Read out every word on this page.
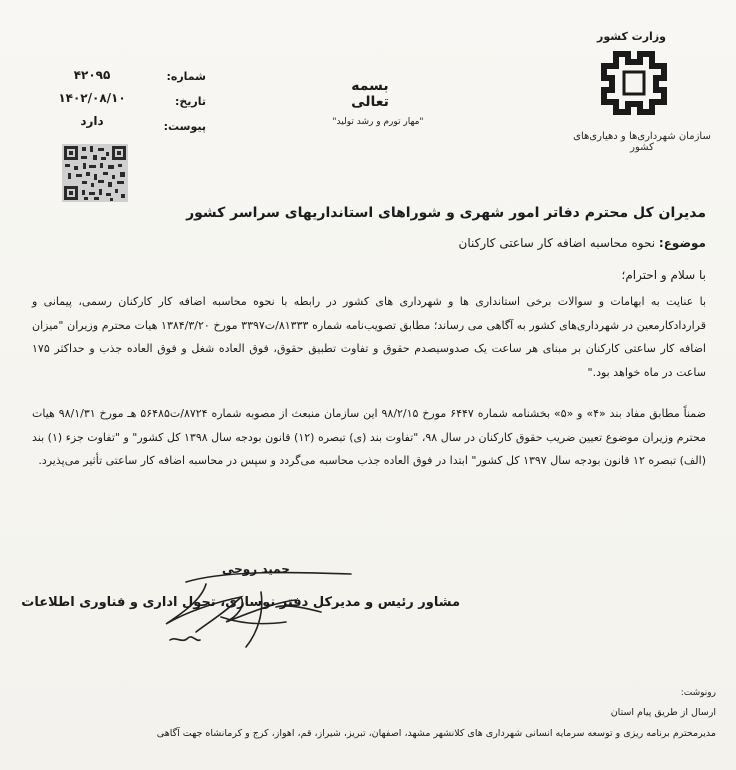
وزارت کشور
سازمان شهرداری‌ها و دهیاری‌های کشور
بسمه تعالی
"مهار تورم و رشد تولید"
شماره:
تاریخ:
پیوست:
۴۲۰۹۵
۱۴۰۲/۰۸/۱۰
دارد
مدیران کل محترم دفاتر امور شهری و شوراهای استانداریهای سراسر کشور
موضوع: نحوه محاسبه اضافه کار ساعتی کارکنان
با سلام و احترام؛
با عنایت به ابهامات و سوالات برخی استانداری ها و شهرداری های کشور در رابطه با نحوه محاسبه اضافه کار کارکنان رسمی، پیمانی و قراردادکارمعین در شهرداری‌های کشور به آگاهی می رساند؛ مطابق تصویب‌نامه شماره ۸۱۳۳۳/ت۳۳۹۷ مورخ ۱۳۸۴/۳/۲۰ هیات محترم وزیران "میزان اضافه کار ساعتی کارکنان بر مبنای هر ساعت یک صدوسیصدم حقوق و تفاوت تطبیق حقوق، فوق العاده شغل و فوق العاده جذب و حداکثر ۱۷۵ ساعت در ماه خواهد بود."
ضمناً مطابق مفاد بند «۴» و «۵» بخشنامه شماره ۶۴۴۷ مورخ ۹۸/۲/۱۵ این سازمان منبعث از مصوبه شماره ۸۷۲۴/ت۵۶۴۸۵ هـ مورخ ۹۸/۱/۳۱ هیات محترم وزیران موضوع تعیین ضریب حقوق کارکنان در سال ۹۸، "تفاوت بند (ی) تبصره (۱۲) قانون بودجه سال ۱۳۹۸ کل کشور" و "تفاوت جزء (۱) بند (الف) تبصره ۱۲ قانون بودجه سال ۱۳۹۷ کل کشور" ابتدا در فوق العاده جذب محاسبه می‌گردد و سپس در محاسبه اضافه کار ساعتی تأثیر می‌پذیرد.
حمید روحی
مشاور رئیس و مدیرکل دفتر نوسازی، تحول اداری و فناوری اطلاعات
رونوشت:
ارسال از طریق پیام استان
مدیرمحترم برنامه ریزی و توسعه سرمایه انسانی شهرداری های کلانشهر مشهد، اصفهان، تبریز، شیراز، قم، اهواز، کرج و کرمانشاه جهت آگاهی
